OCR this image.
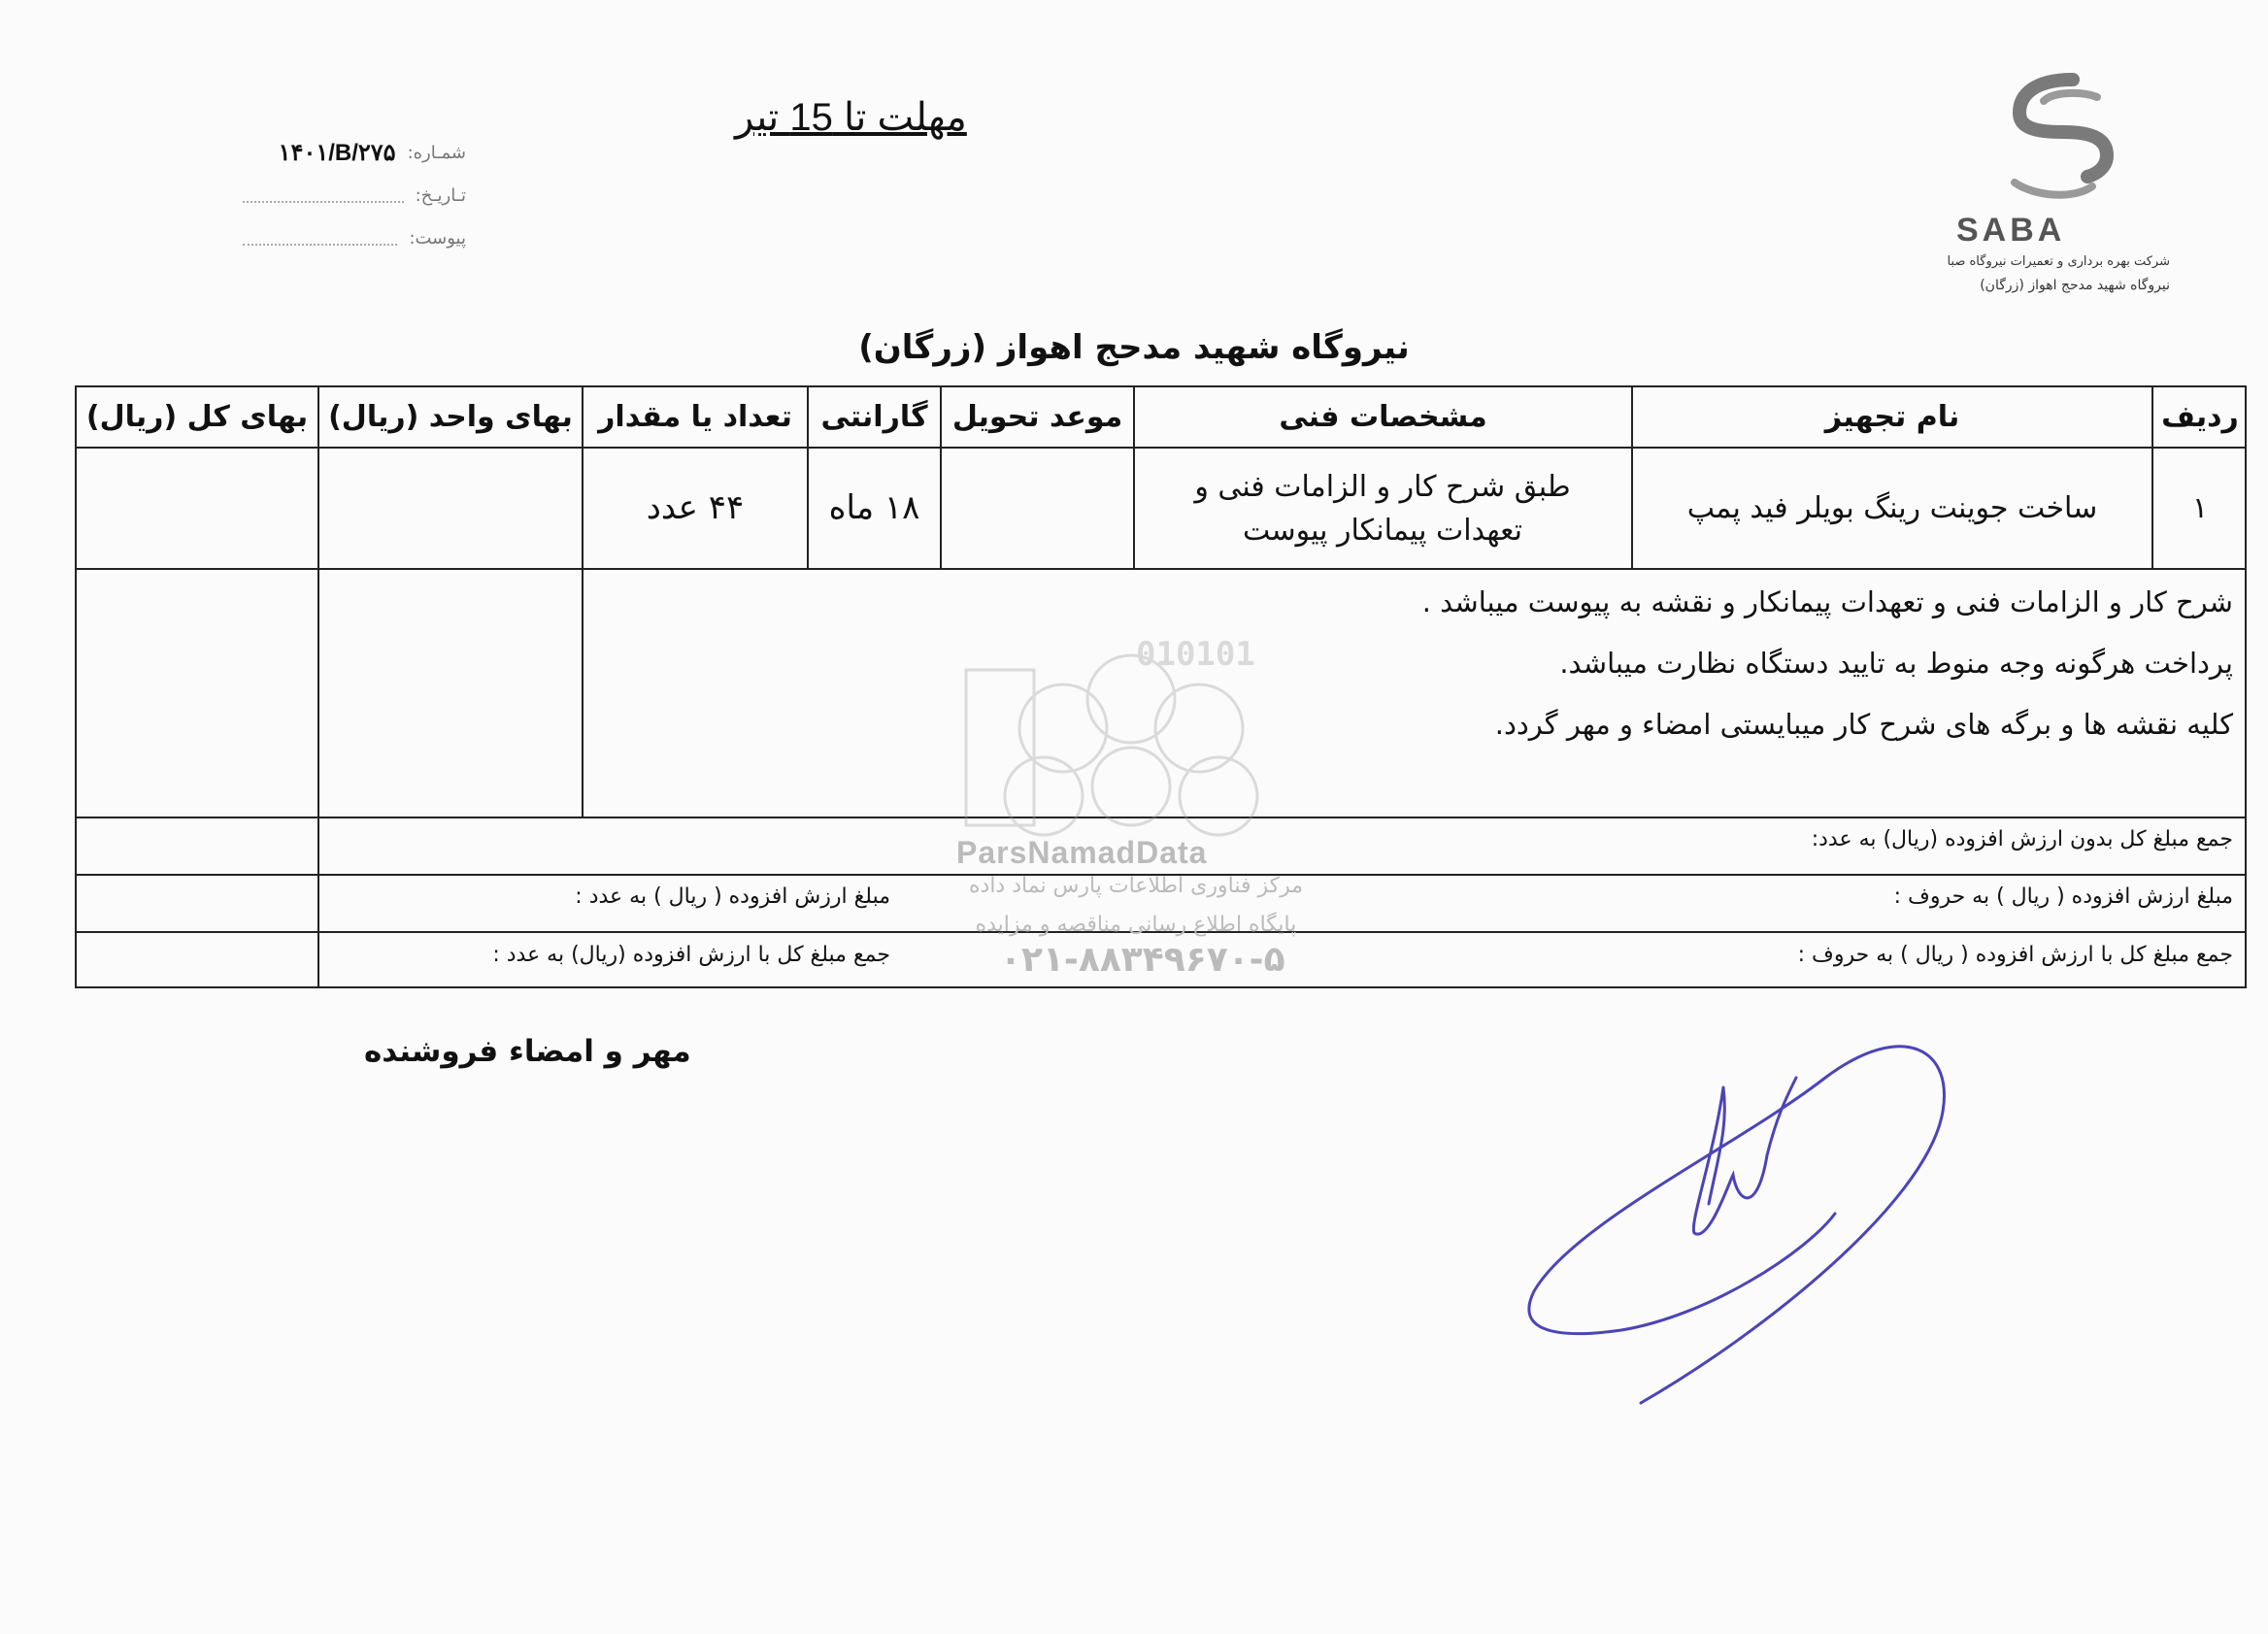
مهلت تا 15 تیر
شمـاره:
۱۴۰۱/B/۲۷۵
تـاریـخ:
پیوست:	SABA
شرکت بهره برداری و تعمیرات نیروگاه صبا
نیروگاه شهید مدحج اهواز (زرگان)
نیروگاه شهید مدحج اهواز (زرگان)
ردیف
نام تجهیز
مشخصات فنی
موعد تحویل
گارانتی
تعداد یا مقدار
بهای واحد (ریال)
بهای کل (ریال)
۱
ساخت جوینت رینگ بویلر فید پمپ
طبق شرح کار و الزامات فنی و تعهدات پیمانکار پیوست
۱۸ ماه
۴۴ عدد
شرح کار و الزامات فنی و تعهدات پیمانکار و نقشه به پیوست میباشد .
پرداخت هرگونه وجه منوط به تایید دستگاه نظارت میباشد.
کلیه نقشه ها و برگه های شرح کار میبایستی امضاء و مهر گردد.
جمع مبلغ کل بدون ارزش افزوده (ریال) به عدد:
مبلغ ارزش افزوده ( ریال ) به حروف :
مبلغ ارزش افزوده ( ریال ) به عدد :
جمع مبلغ کل با ارزش افزوده ( ریال ) به حروف :
جمع مبلغ کل با ارزش افزوده (ریال) به عدد :
010101
ParsNamadData
مرکز فناوری اطلاعات پارس نماد داده
پایگاه اطلاع رسانی مناقصه و مزایده
۰۲۱-۸۸۳۴۹۶۷۰-۵
مهر و امضاء فروشنده
